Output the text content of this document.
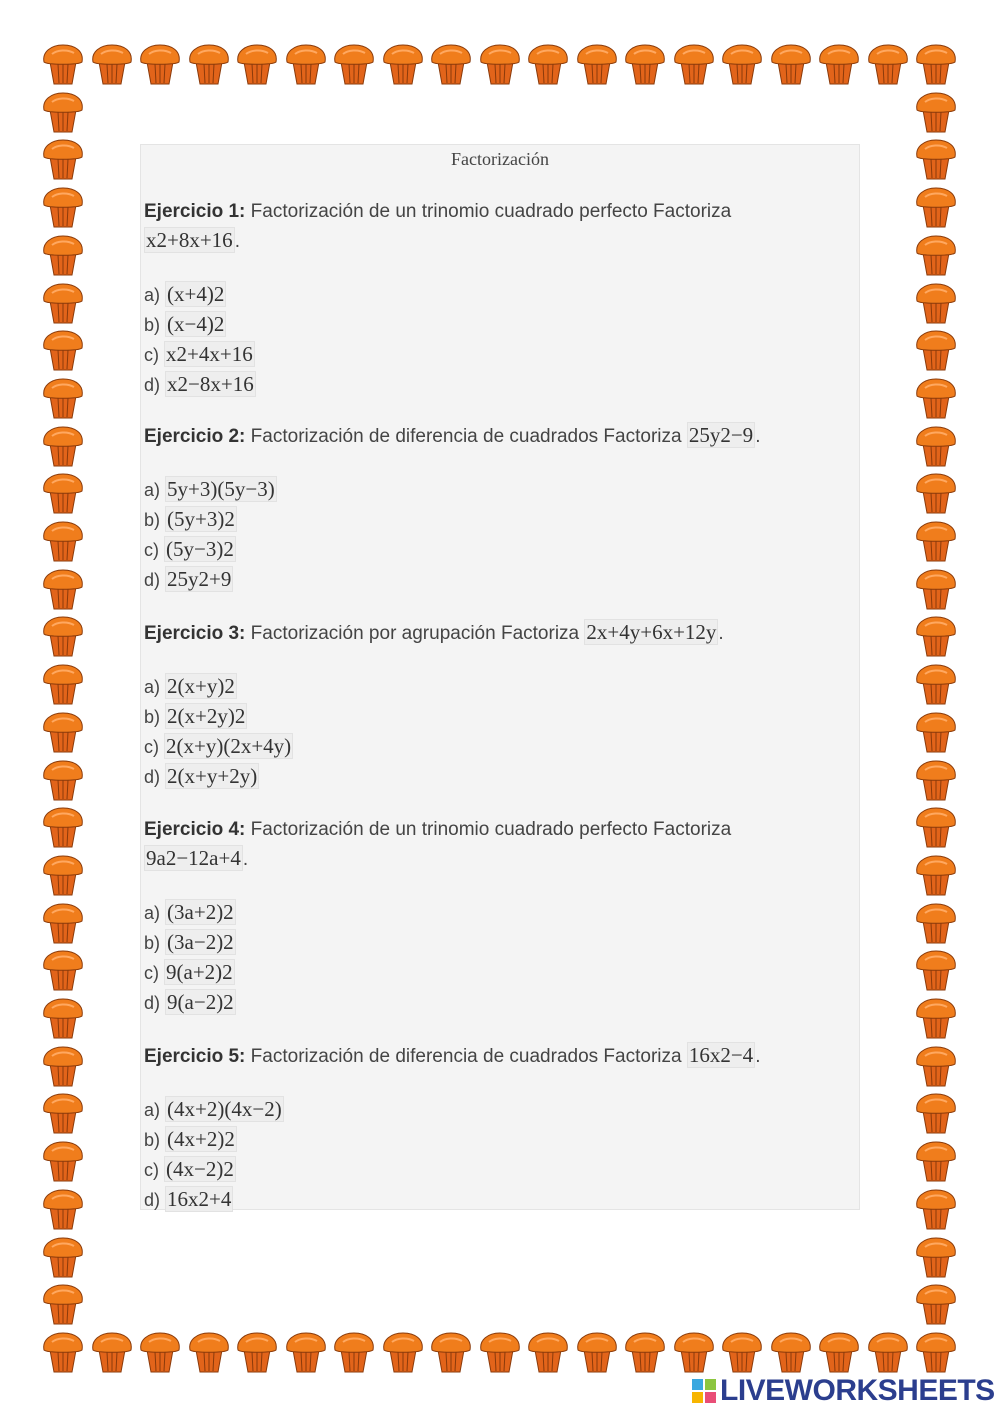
Factorización
Ejercicio 1: Factorización de un trinomio cuadrado perfecto Factoriza
x2+8x+16 .
a) (x+4)2
b) (x−4)2
c) x2+4x+16
d) x2−8x+16
Ejercicio 2: Factorización de diferencia de cuadrados Factoriza 25y2−9 .
a) 5y+3)(5y−3)
b) (5y+3)2
c) (5y−3)2
d) 25y2+9
Ejercicio 3: Factorización por agrupación Factoriza 2x+4y+6x+12y .
a) 2(x+y)2
b) 2(x+2y)2
c) 2(x+y)(2x+4y)
d) 2(x+y+2y)
Ejercicio 4: Factorización de un trinomio cuadrado perfecto Factoriza
9a2−12a+4 .
a) (3a+2)2
b) (3a−2)2
c) 9(a+2)2
d) 9(a−2)2
Ejercicio 5: Factorización de diferencia de cuadrados Factoriza 16x2−4 .
a) (4x+2)(4x−2)
b) (4x+2)2
c) (4x−2)2
d) 16x2+4
LIVEWORKSHEETS
